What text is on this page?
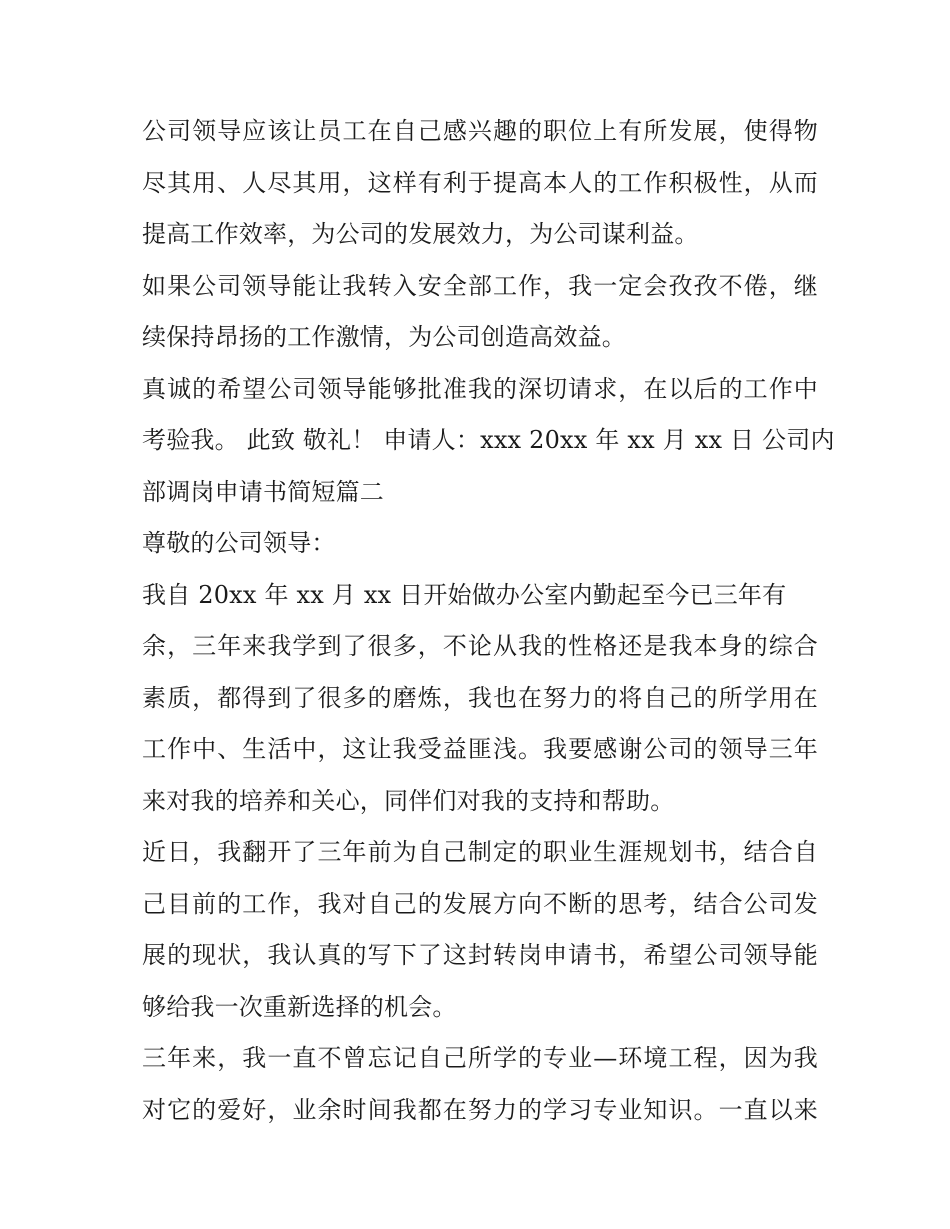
公司领导应该让员工在自己感兴趣的职位上有所发展，使得物
尽其用、人尽其用，这样有利于提高本人的工作积极性，从而
提高工作效率，为公司的发展效力，为公司谋利益。
如果公司领导能让我转入安全部工作，我一定会孜孜不倦，继
续保持昂扬的工作激情，为公司创造高效益。
真诚的希望公司领导能够批准我的深切请求，在以后的工作中
考验我。 此致 敬礼！ 申请人：xxx 20xx 年 xx 月 xx 日 公司内
部调岗申请书简短篇二
尊敬的公司领导：
我自 20xx 年 xx 月 xx 日开始做办公室内勤起至今已三年有
余，三年来我学到了很多，不论从我的性格还是我本身的综合
素质，都得到了很多的磨炼，我也在努力的将自己的所学用在
工作中、生活中，这让我受益匪浅。我要感谢公司的领导三年
来对我的培养和关心，同伴们对我的支持和帮助。
近日，我翻开了三年前为自己制定的职业生涯规划书，结合自
己目前的工作，我对自己的发展方向不断的思考，结合公司发
展的现状，我认真的写下了这封转岗申请书，希望公司领导能
够给我一次重新选择的机会。
三年来，我一直不曾忘记自己所学的专业—环境工程，因为我
对它的爱好，业余时间我都在努力的学习专业知识。一直以来
